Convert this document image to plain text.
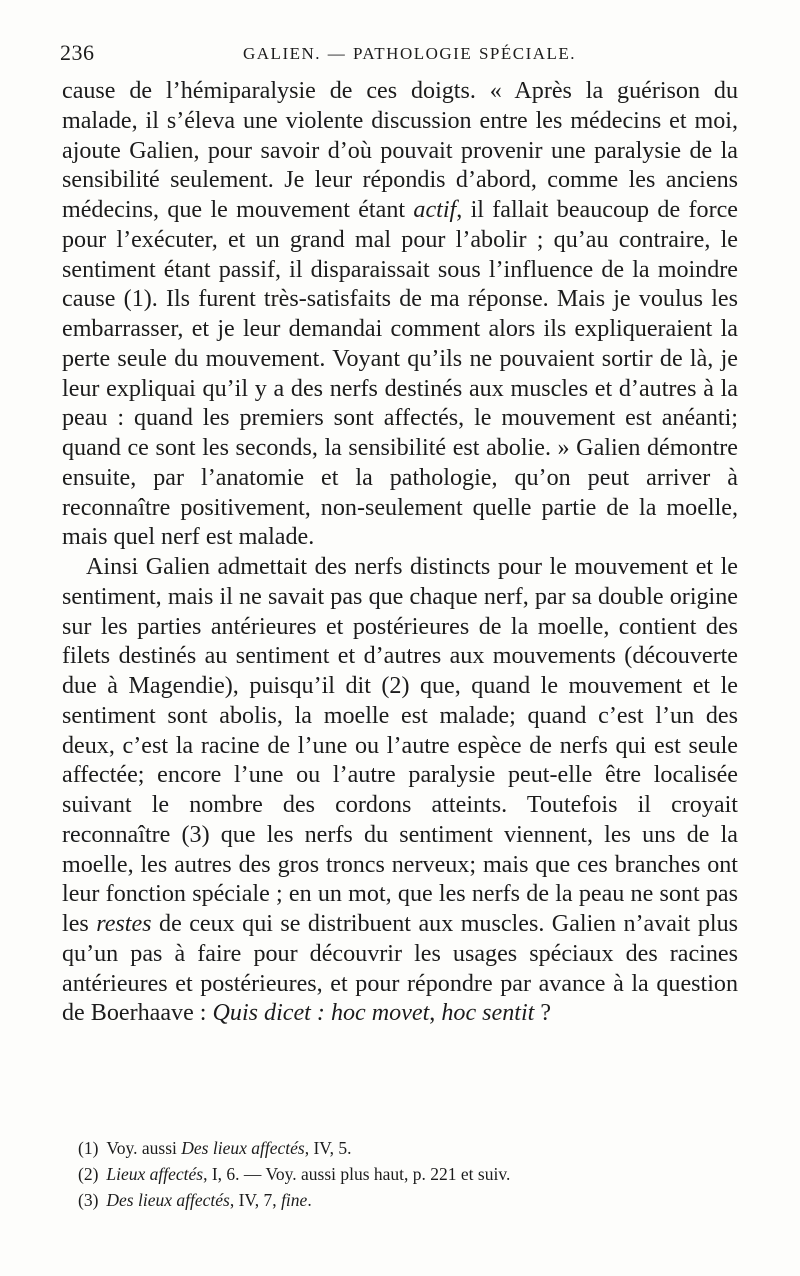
236	GALIEN. — PATHOLOGIE SPÉCIALE.

cause de l’hémiparalysie de ces doigts. « Après la guérison du malade, il s’éleva une violente discussion entre les médecins et moi, ajoute Galien, pour savoir d’où pouvait provenir une paralysie de la sensibilité seulement. Je leur répondis d’abord, comme les anciens médecins, que le mouvement étant actif, il fallait beaucoup de force pour l’exécuter, et un grand mal pour l’abolir ; qu’au contraire, le sentiment étant passif, il disparaissait sous l’influence de la moindre cause (1). Ils furent très-satisfaits de ma réponse. Mais je voulus les embarrasser, et je leur demandai comment alors ils expliqueraient la perte seule du mouvement. Voyant qu’ils ne pouvaient sortir de là, je leur expliquai qu’il y a des nerfs destinés aux muscles et d’autres à la peau : quand les premiers sont affectés, le mouvement est anéanti; quand ce sont les seconds, la sensibilité est abolie. » Galien démontre ensuite, par l’anatomie et la pathologie, qu’on peut arriver à reconnaître positivement, non-seulement quelle partie de la moelle, mais quel nerf est malade.

Ainsi Galien admettait des nerfs distincts pour le mouvement et le sentiment, mais il ne savait pas que chaque nerf, par sa double origine sur les parties antérieures et postérieures de la moelle, contient des filets destinés au sentiment et d’autres aux mouvements (découverte due à Magendie), puisqu’il dit (2) que, quand le mouvement et le sentiment sont abolis, la moelle est malade; quand c’est l’un des deux, c’est la racine de l’une ou l’autre espèce de nerfs qui est seule affectée; encore l’une ou l’autre paralysie peut-elle être localisée suivant le nombre des cordons atteints. Toutefois il croyait reconnaître (3) que les nerfs du sentiment viennent, les uns de la moelle, les autres des gros troncs nerveux; mais que ces branches ont leur fonction spéciale ; en un mot, que les nerfs de la peau ne sont pas les restes de ceux qui se distribuent aux muscles. Galien n’avait plus qu’un pas à faire pour découvrir les usages spéciaux des racines antérieures et postérieures, et pour répondre par avance à la question de Boerhaave : Quis dicet : hoc movet, hoc sentit ?

(1) Voy. aussi Des lieux affectés, IV, 5.
(2) Lieux affectés, I, 6. — Voy. aussi plus haut, p. 221 et suiv.
(3) Des lieux affectés, IV, 7, fine.
